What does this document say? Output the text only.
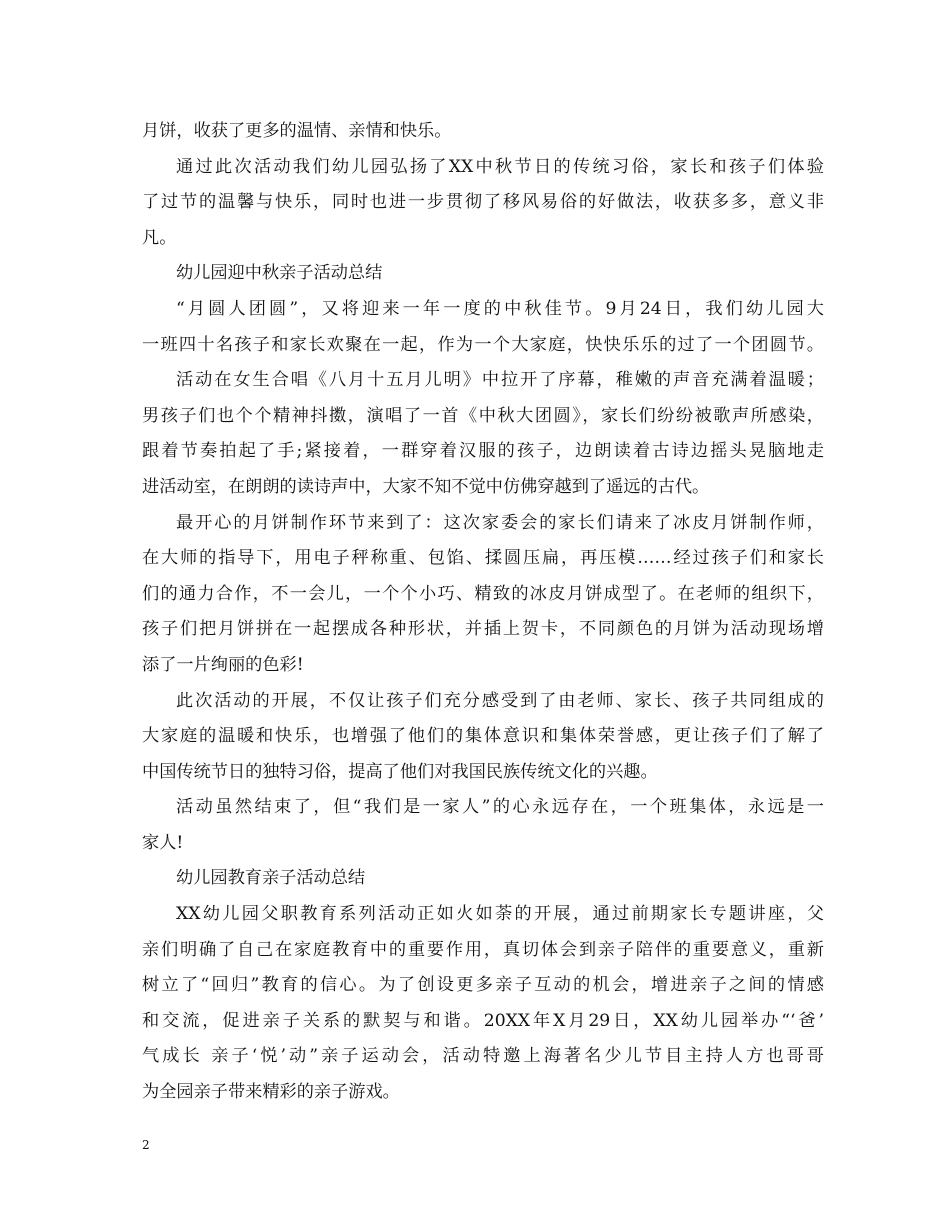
月饼，收获了更多的温情、亲情和快乐。
通过此次活动我们幼儿园弘扬了XX中秋节日的传统习俗，家长和孩子们体验
了过节的温馨与快乐，同时也进一步贯彻了移风易俗的好做法，收获多多，意义非
凡。
幼儿园迎中秋亲子活动总结
“月圆人团圆”，又将迎来一年一度的中秋佳节。9月24日，我们幼儿园大
一班四十名孩子和家长欢聚在一起，作为一个大家庭，快快乐乐的过了一个团圆节。
活动在女生合唱《八月十五月儿明》中拉开了序幕，稚嫩的声音充满着温暖；
男孩子们也个个精神抖擞，演唱了一首《中秋大团圆》，家长们纷纷被歌声所感染，
跟着节奏拍起了手;紧接着，一群穿着汉服的孩子，边朗读着古诗边摇头晃脑地走
进活动室，在朗朗的读诗声中，大家不知不觉中仿佛穿越到了遥远的古代。
最开心的月饼制作环节来到了：这次家委会的家长们请来了冰皮月饼制作师，
在大师的指导下，用电子秤称重、包馅、揉圆压扁，再压模……经过孩子们和家长
们的通力合作，不一会儿，一个个小巧、精致的冰皮月饼成型了。在老师的组织下，
孩子们把月饼拼在一起摆成各种形状，并插上贺卡，不同颜色的月饼为活动现场增
添了一片绚丽的色彩!
此次活动的开展，不仅让孩子们充分感受到了由老师、家长、孩子共同组成的
大家庭的温暖和快乐，也增强了他们的集体意识和集体荣誉感，更让孩子们了解了
中国传统节日的独特习俗，提高了他们对我国民族传统文化的兴趣。
活动虽然结束了，但“我们是一家人”的心永远存在，一个班集体，永远是一
家人!
幼儿园教育亲子活动总结
XX幼儿园父职教育系列活动正如火如荼的开展，通过前期家长专题讲座，父
亲们明确了自己在家庭教育中的重要作用，真切体会到亲子陪伴的重要意义，重新
树立了“回归”教育的信心。为了创设更多亲子互动的机会，增进亲子之间的情感
和交流，促进亲子关系的默契与和谐。20XX年X月29日，XX幼儿园举办“‘爸’
气成长 亲子‘悦’动”亲子运动会，活动特邀上海著名少儿节目主持人方也哥哥
为全园亲子带来精彩的亲子游戏。
2
